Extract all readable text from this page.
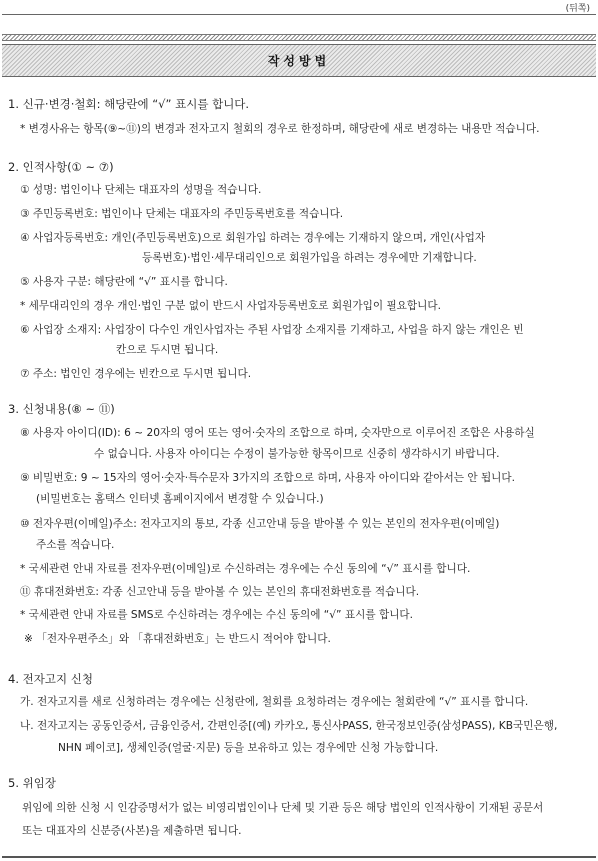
(뒤쪽)
작성방법
1. 신규·변경·철회: 해당란에 “√” 표시를 합니다.
* 변경사유는 항목(⑨~⑪)의 변경과 전자고지 철회의 경우로 한정하며, 해당란에 새로 변경하는 내용만 적습니다.
2. 인적사항(① ~ ⑦)
① 성명: 법인이나 단체는 대표자의 성명을 적습니다.
③ 주민등록번호: 법인이나 단체는 대표자의 주민등록번호를 적습니다.
④ 사업자등록번호: 개인(주민등록번호)으로 회원가입 하려는 경우에는 기재하지 않으며, 개인(사업자
등록번호)·법인·세무대리인으로 회원가입을 하려는 경우에만 기재합니다.
⑤ 사용자 구분: 해당란에 “√” 표시를 합니다.
* 세무대리인의 경우 개인·법인 구분 없이 반드시 사업자등록번호로 회원가입이 필요합니다.
⑥ 사업장 소재지: 사업장이 다수인 개인사업자는 주된 사업장 소재지를 기재하고, 사업을 하지 않는 개인은 빈
칸으로 두시면 됩니다.
⑦ 주소: 법인인 경우에는 빈칸으로 두시면 됩니다.
3. 신청내용(⑧ ~ ⑪)
⑧ 사용자 아이디(ID): 6 ~ 20자의 영어 또는 영어·숫자의 조합으로 하며, 숫자만으로 이루어진 조합은 사용하실
수 없습니다. 사용자 아이디는 수정이 불가능한 항목이므로 신중히 생각하시기 바랍니다.
⑨ 비밀번호: 9 ~ 15자의 영어·숫자·특수문자 3가지의 조합으로 하며, 사용자 아이디와 같아서는 안 됩니다.
(비밀번호는 홈택스 인터넷 홈페이지에서 변경할 수 있습니다.)
⑩ 전자우편(이메일)주소: 전자고지의 통보, 각종 신고안내 등을 받아볼 수 있는 본인의 전자우편(이메일)
주소를 적습니다.
* 국세관련 안내 자료를 전자우편(이메일)로 수신하려는 경우에는 수신 동의에 “√” 표시를 합니다.
⑪ 휴대전화번호: 각종 신고안내 등을 받아볼 수 있는 본인의 휴대전화번호를 적습니다.
* 국세관련 안내 자료를 SMS로 수신하려는 경우에는 수신 동의에 “√” 표시를 합니다.
※ 「전자우편주소」와 「휴대전화번호」는 반드시 적어야 합니다.
4. 전자고지 신청
가. 전자고지를 새로 신청하려는 경우에는 신청란에, 철회를 요청하려는 경우에는 철회란에 “√” 표시를 합니다.
나. 전자고지는 공동인증서, 금융인증서, 간편인증[(예) 카카오, 통신사PASS, 한국정보인증(삼성PASS), KB국민은행,
NHN 페이코], 생체인증(얼굴·지문) 등을 보유하고 있는 경우에만 신청 가능합니다.
5. 위임장
위임에 의한 신청 시 인감증명서가 없는 비영리법인이나 단체 및 기관 등은 해당 법인의 인적사항이 기재된 공문서
또는 대표자의 신분증(사본)을 제출하면 됩니다.
